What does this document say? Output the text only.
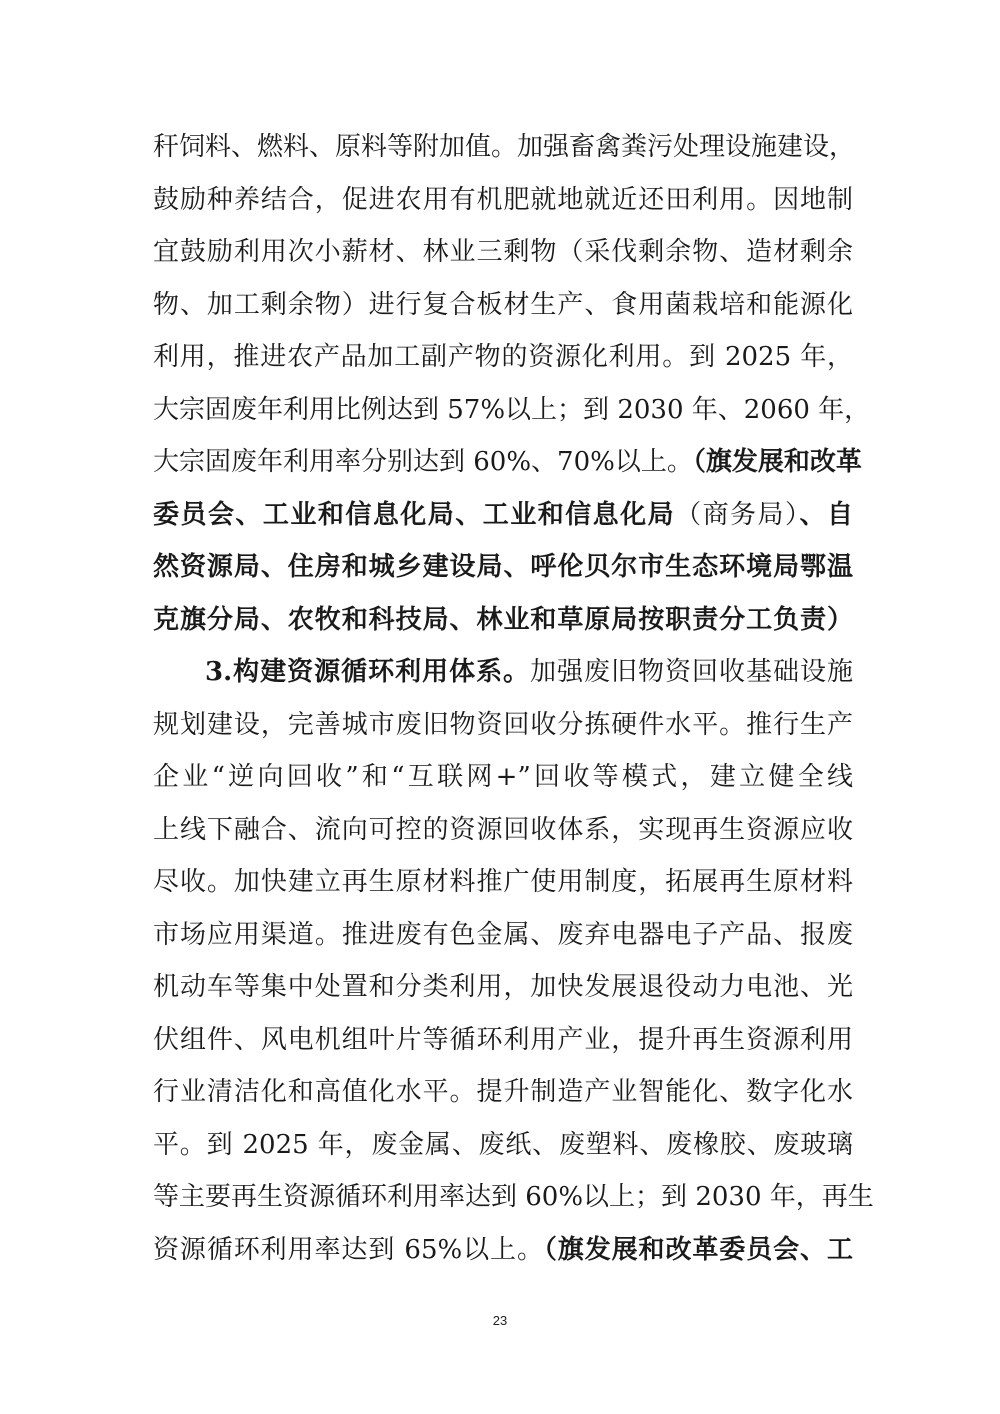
秆饲料、燃料、原料等附加值。加强畜禽粪污处理设施建设，
鼓励种养结合，促进农用有机肥就地就近还田利用。因地制
宜鼓励利用次小薪材、林业三剩物（采伐剩余物、造材剩余
物、加工剩余物）进行复合板材生产、食用菌栽培和能源化
利用，推进农产品加工副产物的资源化利用。到 2025 年，
大宗固废年利用比例达到 57%以上；到 2030 年、2060 年，
大宗固废年利用率分别达到 60%、70%以上。（旗发展和改革
委员会、工业和信息化局、工业和信息化局（商务局）、自
然资源局、住房和城乡建设局、呼伦贝尔市生态环境局鄂温
克旗分局、农牧和科技局、林业和草原局按职责分工负责）
3.构建资源循环利用体系。加强废旧物资回收基础设施
规划建设，完善城市废旧物资回收分拣硬件水平。推行生产
企业“逆向回收”和“互联网+”回收等模式，建立健全线
上线下融合、流向可控的资源回收体系，实现再生资源应收
尽收。加快建立再生原材料推广使用制度，拓展再生原材料
市场应用渠道。推进废有色金属、废弃电器电子产品、报废
机动车等集中处置和分类利用，加快发展退役动力电池、光
伏组件、风电机组叶片等循环利用产业，提升再生资源利用
行业清洁化和高值化水平。提升制造产业智能化、数字化水
平。到 2025 年，废金属、废纸、废塑料、废橡胶、废玻璃
等主要再生资源循环利用率达到 60%以上；到 2030 年，再生
资源循环利用率达到 65%以上。（旗发展和改革委员会、工
23
